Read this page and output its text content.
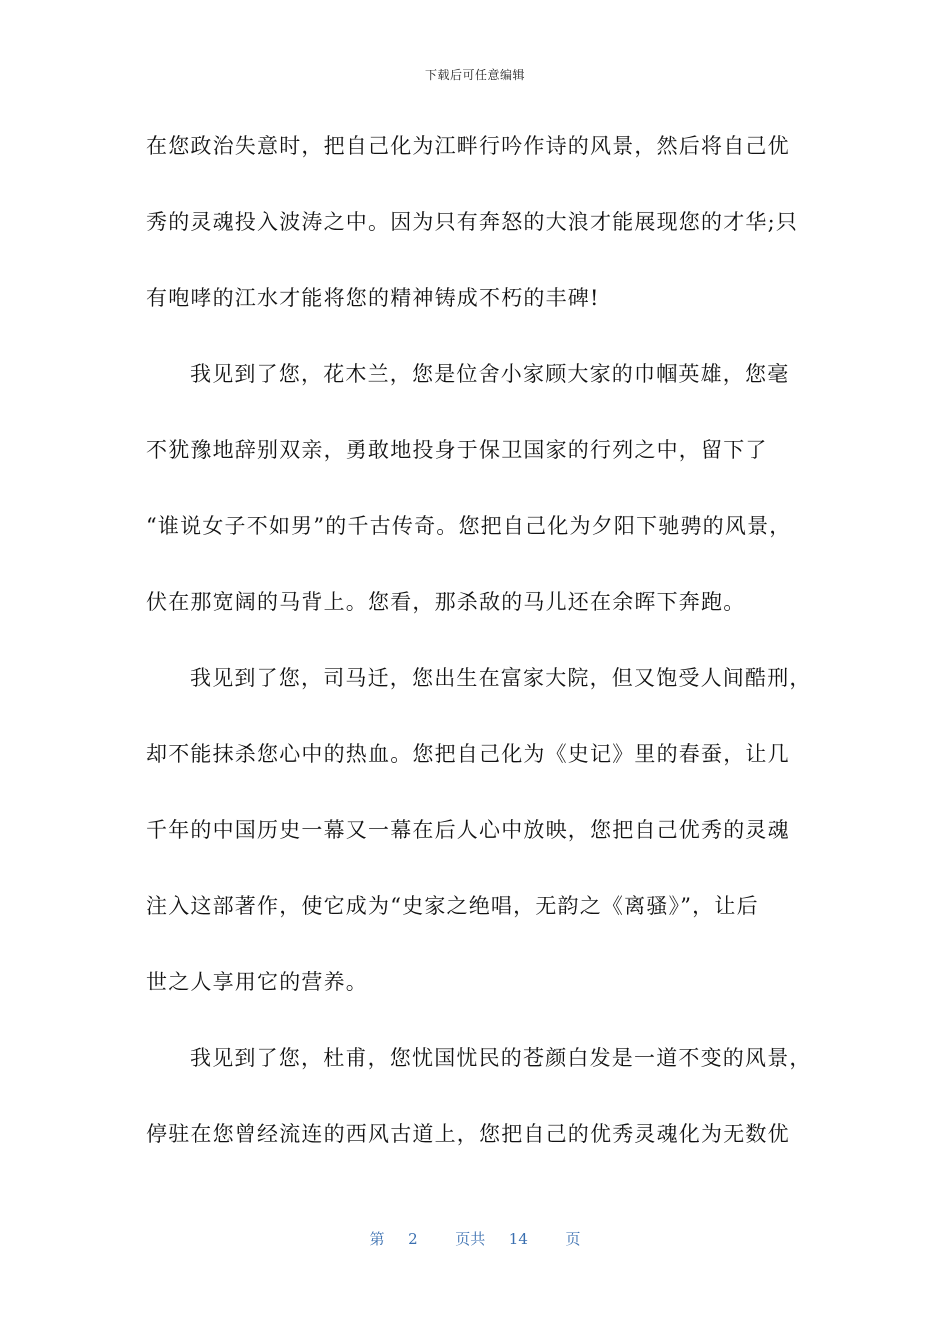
下载后可任意编辑
在您政治失意时，把自己化为江畔行吟作诗的风景，然后将自己优
秀的灵魂投入波涛之中。因为只有奔怒的大浪才能展现您的才华;只
有咆哮的江水才能将您的精神铸成不朽的丰碑!
我见到了您，花木兰，您是位舍小家顾大家的巾帼英雄，您毫
不犹豫地辞别双亲，勇敢地投身于保卫国家的行列之中，留下了
“谁说女子不如男”的千古传奇。您把自己化为夕阳下驰骋的风景，
伏在那宽阔的马背上。您看，那杀敌的马儿还在余晖下奔跑。
我见到了您，司马迁，您出生在富家大院，但又饱受人间酷刑，
却不能抹杀您心中的热血。您把自己化为《史记》里的春蚕，让几
千年的中国历史一幕又一幕在后人心中放映，您把自己优秀的灵魂
注入这部著作，使它成为“史家之绝唱，无韵之《离骚》”，让后
世之人享用它的营养。
我见到了您，杜甫，您忧国忧民的苍颜白发是一道不变的风景，
停驻在您曾经流连的西风古道上，您把自己的优秀灵魂化为无数优
第 2	页共 14	页
